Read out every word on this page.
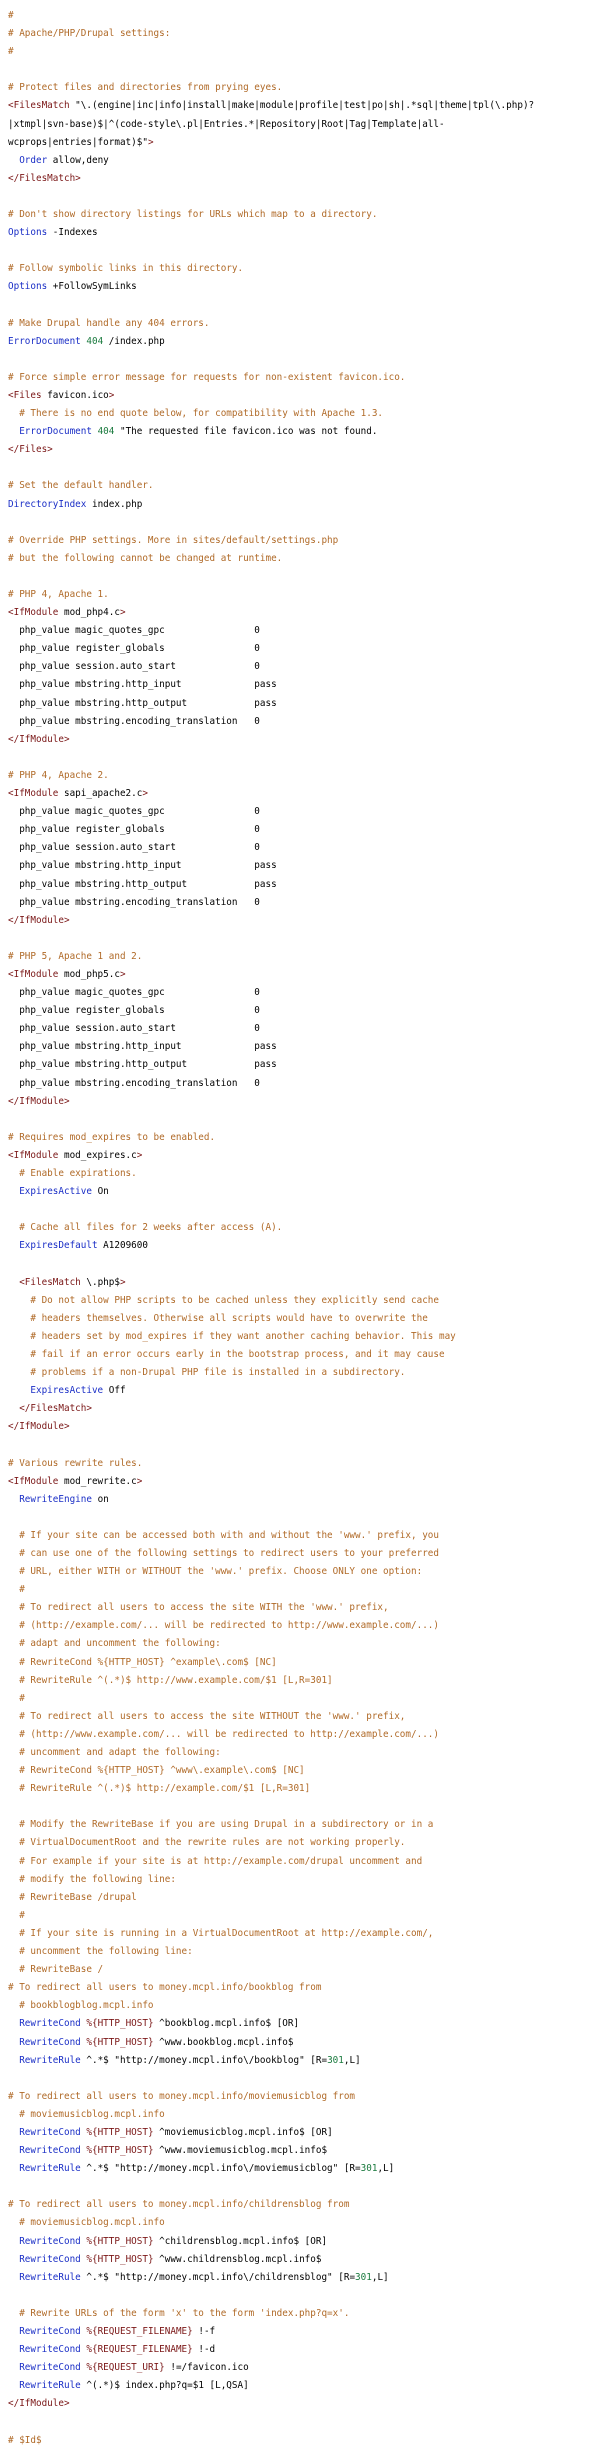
#
# Apache/PHP/Drupal settings:
#
# Protect files and directories from prying eyes.
<FilesMatch "\.(engine|inc|info|install|make|module|profile|test|po|sh|.*sql|theme|tpl(\.php)?
|xtmpl|svn-base)$|^(code-style\.pl|Entries.*|Repository|Root|Tag|Template|all-
wcprops|entries|format)$">
Order allow,deny
</FilesMatch>
# Don't show directory listings for URLs which map to a directory.
Options -Indexes
# Follow symbolic links in this directory.
Options +FollowSymLinks
# Make Drupal handle any 404 errors.
ErrorDocument 404 /index.php
# Force simple error message for requests for non-existent favicon.ico.
<Files favicon.ico>
# There is no end quote below, for compatibility with Apache 1.3.
ErrorDocument 404 "The requested file favicon.ico was not found.
</Files>
# Set the default handler.
DirectoryIndex index.php
# Override PHP settings. More in sites/default/settings.php
# but the following cannot be changed at runtime.
# PHP 4, Apache 1.
<IfModule mod_php4.c>
php_value magic_quotes_gpc                0
php_value register_globals                0
php_value session.auto_start              0
php_value mbstring.http_input             pass
php_value mbstring.http_output            pass
php_value mbstring.encoding_translation   0
</IfModule>
# PHP 4, Apache 2.
<IfModule sapi_apache2.c>
php_value magic_quotes_gpc                0
php_value register_globals                0
php_value session.auto_start              0
php_value mbstring.http_input             pass
php_value mbstring.http_output            pass
php_value mbstring.encoding_translation   0
</IfModule>
# PHP 5, Apache 1 and 2.
<IfModule mod_php5.c>
php_value magic_quotes_gpc                0
php_value register_globals                0
php_value session.auto_start              0
php_value mbstring.http_input             pass
php_value mbstring.http_output            pass
php_value mbstring.encoding_translation   0
</IfModule>
# Requires mod_expires to be enabled.
<IfModule mod_expires.c>
# Enable expirations.
ExpiresActive On
# Cache all files for 2 weeks after access (A).
ExpiresDefault A1209600
<FilesMatch \.php$>
# Do not allow PHP scripts to be cached unless they explicitly send cache
# headers themselves. Otherwise all scripts would have to overwrite the
# headers set by mod_expires if they want another caching behavior. This may
# fail if an error occurs early in the bootstrap process, and it may cause
# problems if a non-Drupal PHP file is installed in a subdirectory.
ExpiresActive Off
</FilesMatch>
</IfModule>
# Various rewrite rules.
<IfModule mod_rewrite.c>
RewriteEngine on
# If your site can be accessed both with and without the 'www.' prefix, you
# can use one of the following settings to redirect users to your preferred
# URL, either WITH or WITHOUT the 'www.' prefix. Choose ONLY one option:
#
# To redirect all users to access the site WITH the 'www.' prefix,
# (http://example.com/... will be redirected to http://www.example.com/...)
# adapt and uncomment the following:
# RewriteCond %{HTTP_HOST} ^example\.com$ [NC]
# RewriteRule ^(.*)$ http://www.example.com/$1 [L,R=301]
#
# To redirect all users to access the site WITHOUT the 'www.' prefix,
# (http://www.example.com/... will be redirected to http://example.com/...)
# uncomment and adapt the following:
# RewriteCond %{HTTP_HOST} ^www\.example\.com$ [NC]
# RewriteRule ^(.*)$ http://example.com/$1 [L,R=301]
# Modify the RewriteBase if you are using Drupal in a subdirectory or in a
# VirtualDocumentRoot and the rewrite rules are not working properly.
# For example if your site is at http://example.com/drupal uncomment and
# modify the following line:
# RewriteBase /drupal
#
# If your site is running in a VirtualDocumentRoot at http://example.com/,
# uncomment the following line:
# RewriteBase /
# To redirect all users to money.mcpl.info/bookblog from
# bookblogblog.mcpl.info
RewriteCond %{HTTP_HOST} ^bookblog.mcpl.info$ [OR]
RewriteCond %{HTTP_HOST} ^www.bookblog.mcpl.info$
RewriteRule ^.*$ "http://money.mcpl.info\/bookblog" [R=301,L]
# To redirect all users to money.mcpl.info/moviemusicblog from
# moviemusicblog.mcpl.info
RewriteCond %{HTTP_HOST} ^moviemusicblog.mcpl.info$ [OR]
RewriteCond %{HTTP_HOST} ^www.moviemusicblog.mcpl.info$
RewriteRule ^.*$ "http://money.mcpl.info\/moviemusicblog" [R=301,L]
# To redirect all users to money.mcpl.info/childrensblog from
# moviemusicblog.mcpl.info
RewriteCond %{HTTP_HOST} ^childrensblog.mcpl.info$ [OR]
RewriteCond %{HTTP_HOST} ^www.childrensblog.mcpl.info$
RewriteRule ^.*$ "http://money.mcpl.info\/childrensblog" [R=301,L]
# Rewrite URLs of the form 'x' to the form 'index.php?q=x'.
RewriteCond %{REQUEST_FILENAME} !-f
RewriteCond %{REQUEST_FILENAME} !-d
RewriteCond %{REQUEST_URI} !=/favicon.ico
RewriteRule ^(.*)$ index.php?q=$1 [L,QSA]
</IfModule>
# $Id$
